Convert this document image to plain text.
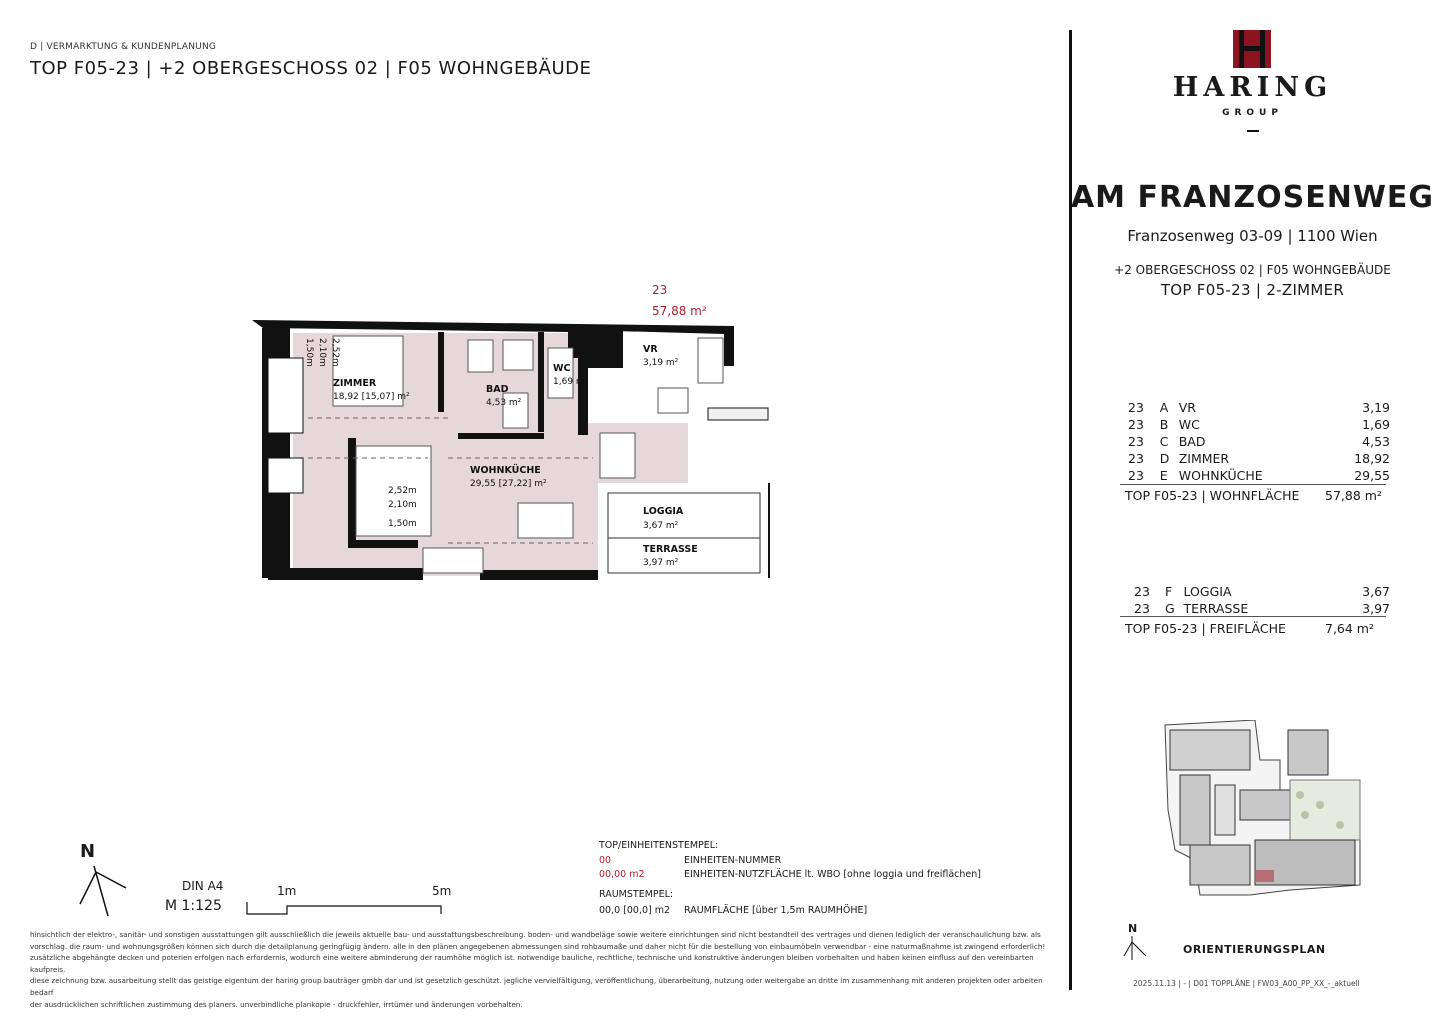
D | VERMARKTUNG & KUNDENPLANUNG
TOP F05-23 | +2 OBERGESCHOSS 02 | F05 WOHNGEBÄUDE
HARING
GROUP
AM FRANZOSENWEG
Franzosenweg 03-09 | 1100 Wien
+2 OBERGESCHOSS 02 | F05 WOHNGEBÄUDE
TOP F05-23 | 2-ZIMMER
23	A	VR	3,19
23	B	WC	1,69
23	C	BAD	4,53
23	D	ZIMMER	18,92
23	E	WOHNKÜCHE	29,55
TOP F05-23 | WOHNFLÄCHE 57,88 m²
23	F	LOGGIA	3,67
23	G	TERRASSE	3,97
TOP F05-23 | FREIFLÄCHE	7,64 m²
N
ORIENTIERUNGSPLAN
2025.11.13 | - | D01 TOPPLÄNE | FW03_A00_PP_XX_-_aktuell
23
57,88 m²
ZIMMER
18,92 [15,07] m²
BAD
4,53 m²
WC
1,69 m²
VR
3,19 m²
WOHNKÜCHE
29,55 [27,22] m²
LOGGIA
3,67 m²
TERRASSE
3,97 m²
2,52m
2,10m
1,50m
2,52m
2,10m
1,50m
N
DIN A4
M 1:125
1m	5m
TOP/EINHEITENSTEMPEL:
00	EINHEITEN-NUMMER
00,00 m2	EINHEITEN-NUTZFLÄCHE lt. WBO [ohne loggia und freiflächen]
RAUMSTEMPEL:
00,0 [00,0] m2 RAUMFLÄCHE [über 1,5m RAUMHÖHE]
hinsichtlich der elektro-, sanitär- und sonstigen ausstattungen gilt ausschließlich die jeweils aktuelle bau- und ausstattungsbeschreibung. boden- und wandbeläge sowie weitere einrichtungen sind nicht bestandteil des vertrages und dienen lediglich der veranschaulichung bzw. als
vorschlag. die raum- und wohnungsgrößen können sich durch die detailplanung geringfügig ändern. alle in den plänen angegebenen abmessungen sind rohbaumaße und daher nicht für die bestellung von einbaumöbeln verwendbar - eine naturmaßnahme ist zwingend erforderlich!
zusätzliche abgehängte decken und poterien erfolgen nach erfordernis, wodurch eine weitere abminderung der raumhöhe möglich ist. notwendige bauliche, rechtliche, technische und konstruktive änderungen bleiben vorbehalten und haben keinen einfluss auf den vereinbarten kaufpreis.
diese zeichnung bzw. ausarbeitung stellt das geistige eigentum der haring group bauträger gmbh dar und ist gesetzlich geschützt. jegliche vervielfältigung, veröffentlichung, überarbeitung, nutzung oder weitergabe an dritte im zusammenhang mit anderen projekten oder arbeiten bedarf
der ausdrücklichen schriftlichen zustimmung des planers. unverbindliche plankopie - druckfehler, irrtümer und änderungen vorbehalten.
